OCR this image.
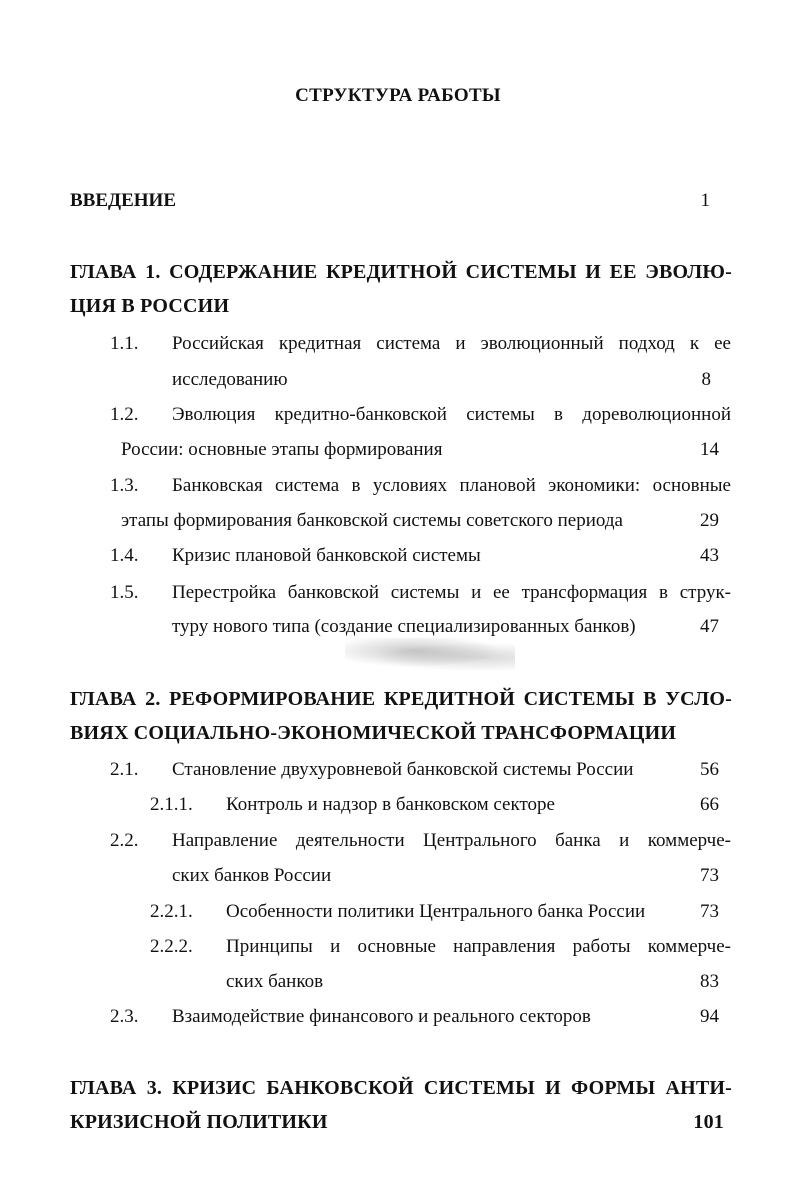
СТРУКТУРА РАБОТЫ
ВВЕДЕНИЕ	1
ГЛАВА 1. СОДЕРЖАНИЕ КРЕДИТНОЙ СИСТЕМЫ И ЕЕ ЭВОЛЮ-
ЦИЯ В РОССИИ
1.1. Российская кредитная система и эволюционный подход к ее
исследованию	8
1.2. Эволюция кредитно-банковской системы в дореволюционной
России: основные этапы формирования	14
1.3. Банковская система в условиях плановой экономики: основные
этапы формирования банковской системы советского периода	29
1.4. Кризис плановой банковской системы	43
1.5. Перестройка банковской системы и ее трансформация в струк-
туру нового типа (создание специализированных банков)	47
ГЛАВА 2. РЕФОРМИРОВАНИЕ КРЕДИТНОЙ СИСТЕМЫ В УСЛО-
ВИЯХ СОЦИАЛЬНО-ЭКОНОМИЧЕСКОЙ ТРАНСФОРМАЦИИ
2.1. Становление двухуровневой банковской системы России	56
2.1.1. Контроль и надзор в банковском секторе	66
2.2. Направление деятельности Центрального банка и коммерче-
ских банков России	73
2.2.1. Особенности политики Центрального банка России	73
2.2.2. Принципы и основные направления работы коммерче-
ских банков	83
2.3. Взаимодействие финансового и реального секторов	94
ГЛАВА 3. КРИЗИС БАНКОВСКОЙ СИСТЕМЫ И ФОРМЫ АНТИ-
КРИЗИСНОЙ ПОЛИТИКИ	101
